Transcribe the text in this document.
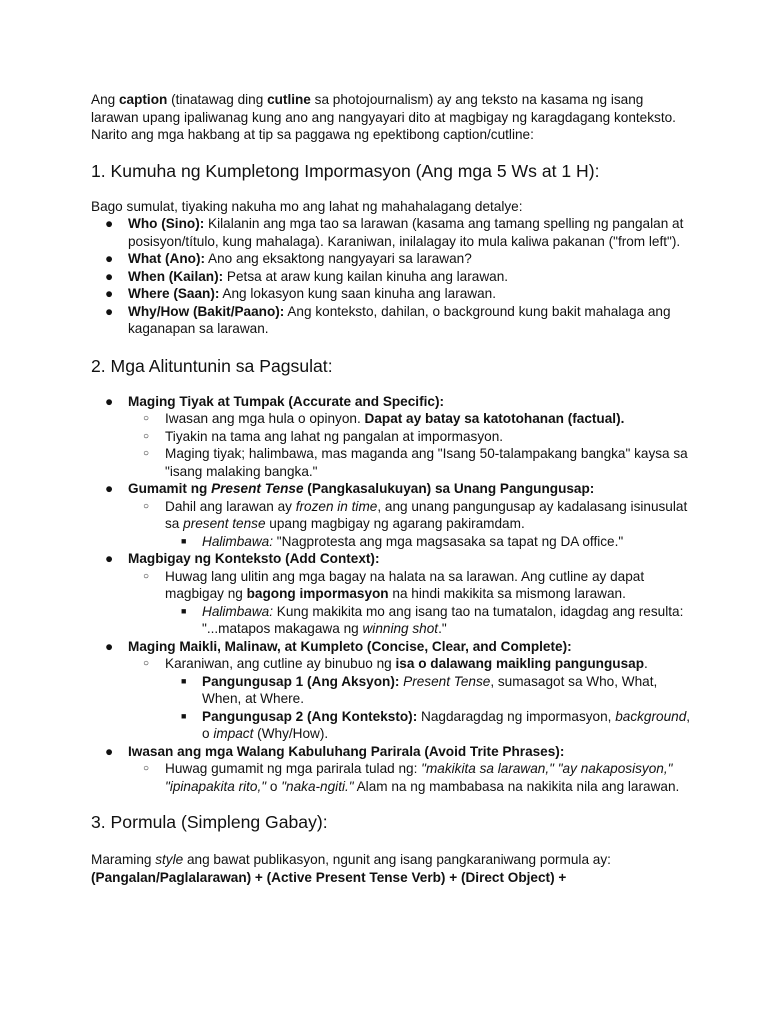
Ang caption (tinatawag ding cutline sa photojournalism) ay ang teksto na kasama ng isang larawan upang ipaliwanag kung ano ang nangyayari dito at magbigay ng karagdagang konteksto.

Narito ang mga hakbang at tip sa paggawa ng epektibong caption/cutline:

1. Kumuha ng Kumpletong Impormasyon (Ang mga 5 Ws at 1 H):

Bago sumulat, tiyaking nakuha mo ang lahat ng mahahalagang detalye:

● Who (Sino): Kilalanin ang mga tao sa larawan (kasama ang tamang spelling ng pangalan at posisyon/título, kung mahalaga). Karaniwan, inilalagay ito mula kaliwa pakanan ("from left").
● What (Ano): Ano ang eksaktong nangyayari sa larawan?
● When (Kailan): Petsa at araw kung kailan kinuha ang larawan.
● Where (Saan): Ang lokasyon kung saan kinuha ang larawan.
● Why/How (Bakit/Paano): Ang konteksto, dahilan, o background kung bakit mahalaga ang kaganapan sa larawan.
2. Mga Alituntunin sa Pagsulat:
● Maging Tiyak at Tumpak (Accurate and Specific):
○ Iwasan ang mga hula o opinyon. Dapat ay batay sa katotohanan (factual).
○ Tiyakin na tama ang lahat ng pangalan at impormasyon.
○ Maging tiyak; halimbawa, mas maganda ang "Isang 50-talampakang bangka" kaysa sa "isang malaking bangka."
● Gumamit ng Present Tense (Pangkasalukuyan) sa Unang Pangungusap:
○ Dahil ang larawan ay frozen in time, ang unang pangungusap ay kadalasang isinusulat sa present tense upang magbigay ng agarang pakiramdam.
■ Halimbawa: "Nagprotesta ang mga magsasaka sa tapat ng DA office."
● Magbigay ng Konteksto (Add Context):
○ Huwag lang ulitin ang mga bagay na halata na sa larawan. Ang cutline ay dapat magbigay ng bagong impormasyon na hindi makikita sa mismong larawan.
■ Halimbawa: Kung makikita mo ang isang tao na tumatalon, idagdag ang resulta: "...matapos makagawa ng winning shot."
● Maging Maikli, Malinaw, at Kumpleto (Concise, Clear, and Complete):
○ Karaniwan, ang cutline ay binubuo ng isa o dalawang maikling pangungusap.
■ Pangungusap 1 (Ang Aksyon): Present Tense, sumasagot sa Who, What, When, at Where.
■ Pangungusap 2 (Ang Konteksto): Nagdaragdag ng impormasyon, background, o impact (Why/How).
● Iwasan ang mga Walang Kabuluhang Parirala (Avoid Trite Phrases):
○ Huwag gumamit ng mga parirala tulad ng: "makikita sa larawan," "ay nakaposisyon," "ipinapakita rito," o "naka-ngiti." Alam na ng mambabasa na nakikita nila ang larawan.
3. Pormula (Simpleng Gabay):

Maraming style ang bawat publikasyon, ngunit ang isang pangkaraniwang pormula ay:

(Pangalan/Paglalarawan) + (Active Present Tense Verb) + (Direct Object) +
